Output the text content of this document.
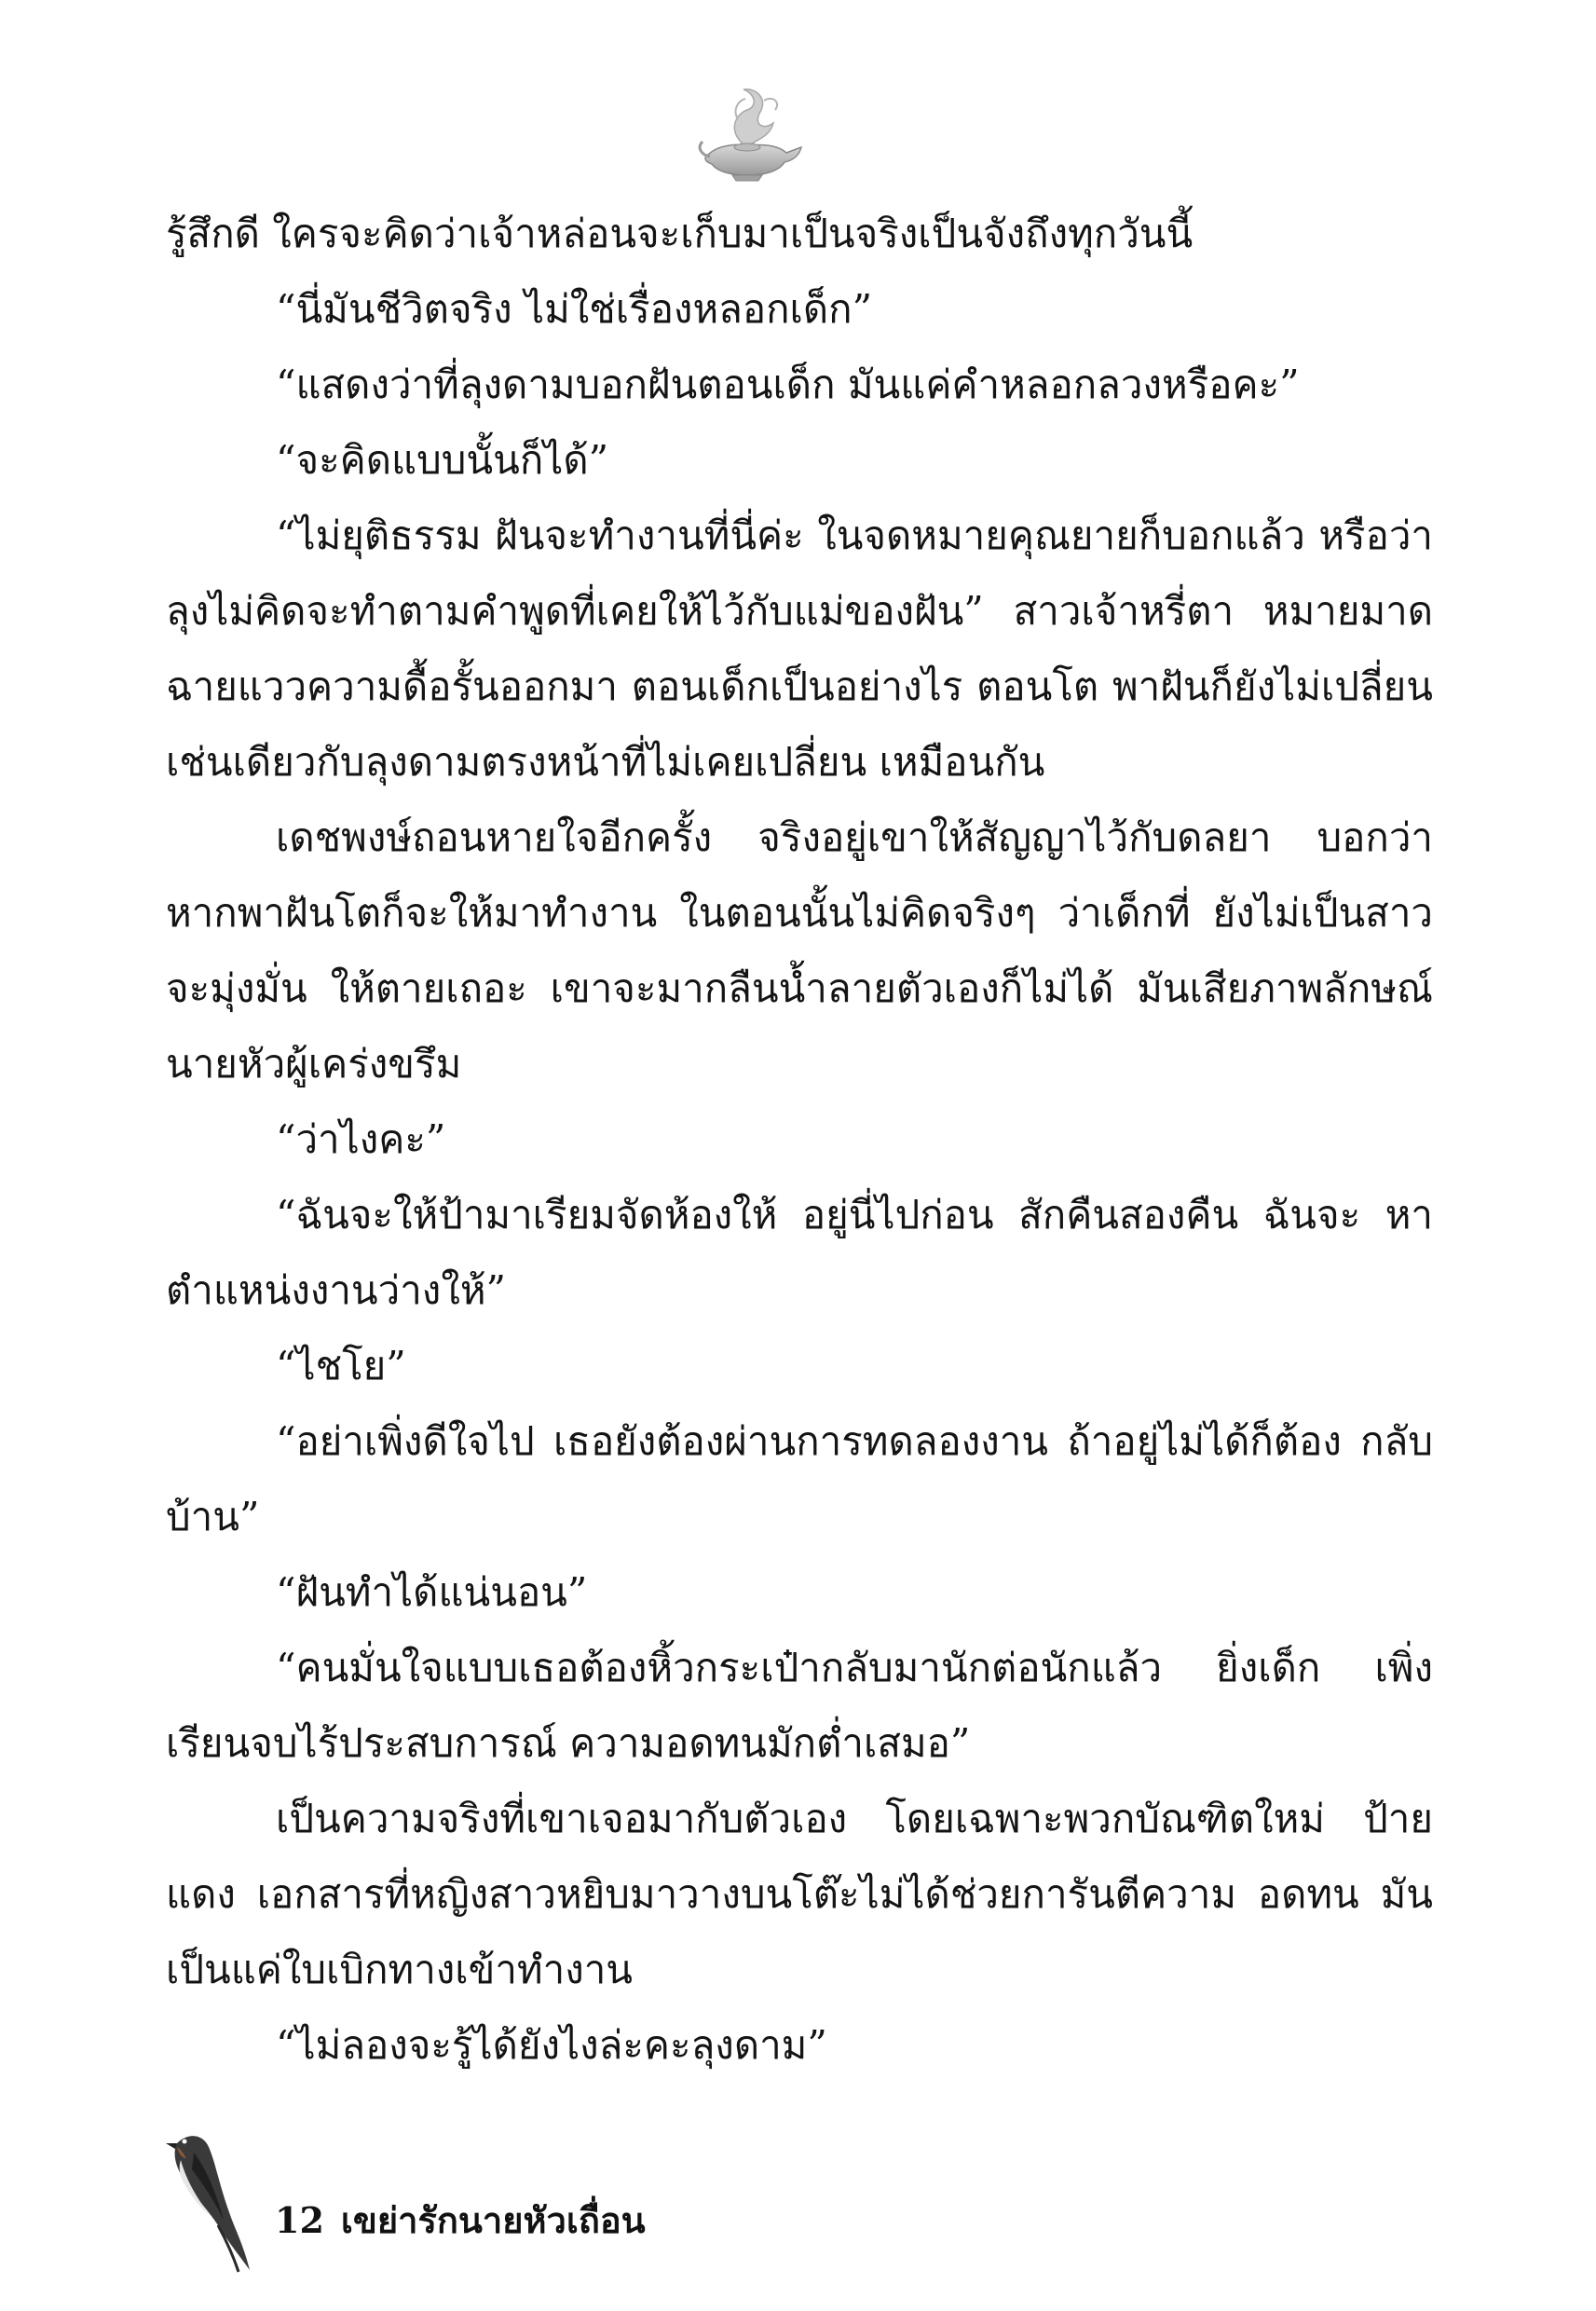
รู้สึกดี ใครจะคิดว่าเจ้าหล่อนจะเก็บมาเป็นจริงเป็นจังถึงทุกวันนี้

“นี่มันชีวิตจริง ไม่ใช่เรื่องหลอกเด็ก”

“แสดงว่าที่ลุงดามบอกฝันตอนเด็ก มันแค่คำหลอกลวงหรือคะ”

“จะคิดแบบนั้นก็ได้”

“ไม่ยุติธรรม ฝันจะทำงานที่นี่ค่ะ ในจดหมายคุณยายก็บอกแล้ว หรือว่าลุงไม่คิดจะทำตามคำพูดที่เคยให้ไว้กับแม่ของฝัน” สาวเจ้าหรี่ตา หมายมาดฉายแววความดื้อรั้นออกมา ตอนเด็กเป็นอย่างไร ตอนโต พาฝันก็ยังไม่เปลี่ยน เช่นเดียวกับลุงดามตรงหน้าที่ไม่เคยเปลี่ยน เหมือนกัน

เดชพงษ์ถอนหายใจอีกครั้ง จริงอยู่เขาให้สัญญาไว้กับดลยา บอกว่าหากพาฝันโตก็จะให้มาทำงาน ในตอนนั้นไม่คิดจริงๆ ว่าเด็กที่ ยังไม่เป็นสาวจะมุ่งมั่น ให้ตายเถอะ เขาจะมากลืนน้ำลายตัวเองก็ไม่ได้ มันเสียภาพลักษณ์นายหัวผู้เคร่งขรึม

“ว่าไงคะ”

“ฉันจะให้ป้ามาเรียมจัดห้องให้ อยู่นี่ไปก่อน สักคืนสองคืน ฉันจะ หาตำแหน่งงานว่างให้”

“ไชโย”

“อย่าเพิ่งดีใจไป เธอยังต้องผ่านการทดลองงาน ถ้าอยู่ไม่ได้ก็ต้อง กลับบ้าน”

“ฝันทำได้แน่นอน”

“คนมั่นใจแบบเธอต้องหิ้วกระเป๋ากลับมานักต่อนักแล้ว ยิ่งเด็ก เพิ่งเรียนจบไร้ประสบการณ์ ความอดทนมักต่ำเสมอ”

เป็นความจริงที่เขาเจอมากับตัวเอง โดยเฉพาะพวกบัณฑิตใหม่ ป้ายแดง เอกสารที่หญิงสาวหยิบมาวางบนโต๊ะไม่ได้ช่วยการันตีความ อดทน มันเป็นแค่ใบเบิกทางเข้าทำงาน

“ไม่ลองจะรู้ได้ยังไงล่ะคะลุงดาม”

12 เขย่ารักนายหัวเถื่อน
